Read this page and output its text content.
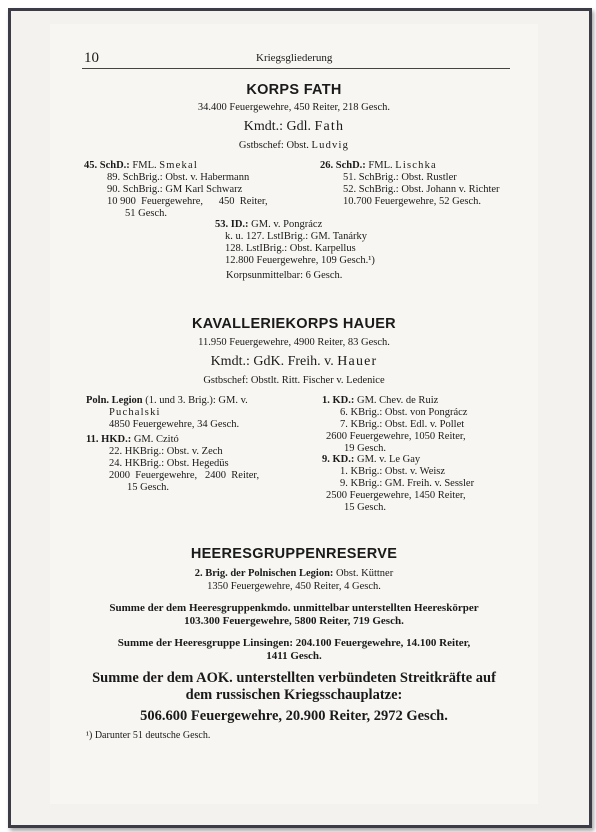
10	Kriegsgliederung
KORPS FATH
34.400 Feuergewehre, 450 Reiter, 218 Gesch.
Kmdt.: Gdl. Fath
Gstbschef: Obst. Ludvig
45. SchD.: FML. Smekal
89. SchBrig.: Obst. v. Habermann
90. SchBrig.: GM Karl Schwarz
10 900  Feuergewehre,      450  Reiter,
51 Gesch.
26. SchD.: FML. Lischka
51. SchBrig.: Obst. Rustler
52. SchBrig.: Obst. Johann v. Richter
10.700 Feuergewehre, 52 Gesch.
53. ID.: GM. v. Pongrácz
k. u. 127. LstIBrig.: GM. Tanárky
128. LstIBrig.: Obst. Karpellus
12.800 Feuergewehre, 109 Gesch.¹)
Korpsunmittelbar: 6 Gesch.
KAVALLERIEKORPS HAUER
11.950 Feuergewehre, 4900 Reiter, 83 Gesch.
Kmdt.: GdK. Freih. v. Hauer
Gstbschef: Obstlt. Ritt. Fischer v. Ledenice
Poln. Legion (1. und 3. Brig.): GM. v.
Puchalski
4850 Feuergewehre, 34 Gesch.
11. HKD.: GM. Czitó
22. HKBrig.: Obst. v. Zech
24. HKBrig.: Obst. Hegedüs
2000  Feuergewehre,   2400  Reiter,
15 Gesch.
1. KD.: GM. Chev. de Ruiz
6. KBrig.: Obst. von Pongrácz
7. KBrig.: Obst. Edl. v. Pollet
2600 Feuergewehre, 1050 Reiter,
19 Gesch.
9. KD.: GM. v. Le Gay
1. KBrig.: Obst. v. Weisz
9. KBrig.: GM. Freih. v. Sessler
2500 Feuergewehre, 1450 Reiter,
15 Gesch.
HEERESGRUPPENRESERVE
2. Brig. der Polnischen Legion: Obst. Küttner
1350 Feuergewehre, 450 Reiter, 4 Gesch.
Summe der dem Heeresgruppenkmdo. unmittelbar unterstellten Heereskörper
103.300 Feuergewehre, 5800 Reiter, 719 Gesch.
Summe der Heeresgruppe Linsingen: 204.100 Feuergewehre, 14.100 Reiter,
1411 Gesch.
Summe der dem AOK. unterstellten verbündeten Streitkräfte auf
dem russischen Kriegsschauplatze:
506.600 Feuergewehre, 20.900 Reiter, 2972 Gesch.
¹) Darunter 51 deutsche Gesch.
